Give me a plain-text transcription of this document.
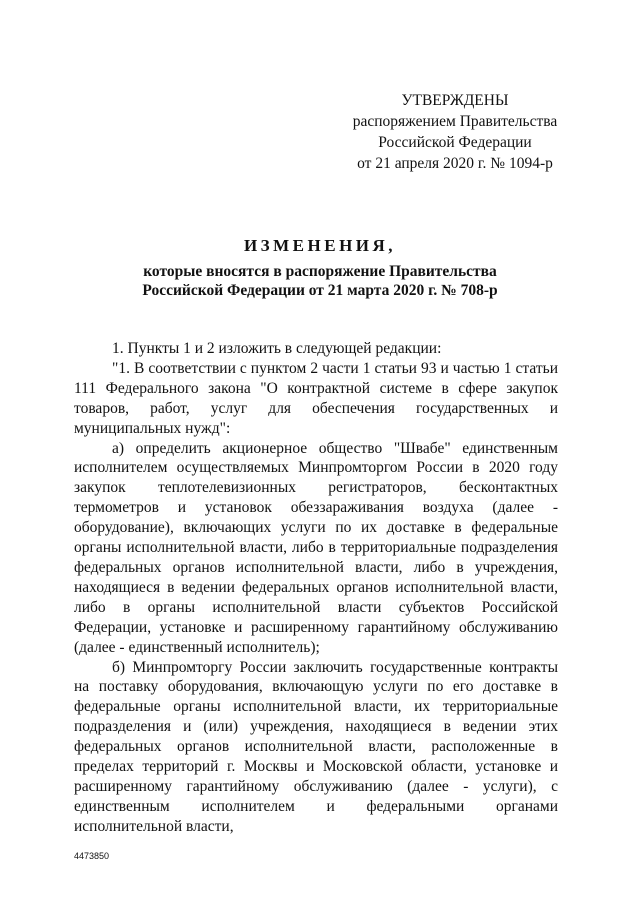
УТВЕРЖДЕНЫ
распоряжением Правительства
Российской Федерации
от 21 апреля 2020 г. № 1094-р
ИЗМЕНЕНИЯ,
которые вносятся в распоряжение Правительства
Российской Федерации от 21 марта 2020 г. № 708-р

1. Пункты 1 и 2 изложить в следующей редакции:

"1. В соответствии с пунктом 2 части 1 статьи 93 и частью 1 статьи 111 Федерального закона "О контрактной системе в сфере закупок товаров, работ, услуг для обеспечения государственных и муниципальных нужд":

а) определить акционерное общество "Швабе" единственным исполнителем осуществляемых Минпромторгом России в 2020 году закупок теплотелевизионных регистраторов, бесконтактных термометров и установок обеззараживания воздуха (далее - оборудование), включающих услуги по их доставке в федеральные органы исполнительной власти, либо в территориальные подразделения федеральных органов исполнительной власти, либо в учреждения, находящиеся в ведении федеральных органов исполнительной власти, либо в органы исполнительной власти субъектов Российской Федерации, установке и расширенному гарантийному обслуживанию (далее - единственный исполнитель);

б) Минпромторгу России заключить государственные контракты на поставку оборудования, включающую услуги по его доставке в федеральные органы исполнительной власти, их территориальные подразделения и (или) учреждения, находящиеся в ведении этих федеральных органов исполнительной власти, расположенные в пределах территорий г. Москвы и Московской области, установке и расширенному гарантийному обслуживанию (далее - услуги), с единственным исполнителем и федеральными органами исполнительной власти,

4473850
